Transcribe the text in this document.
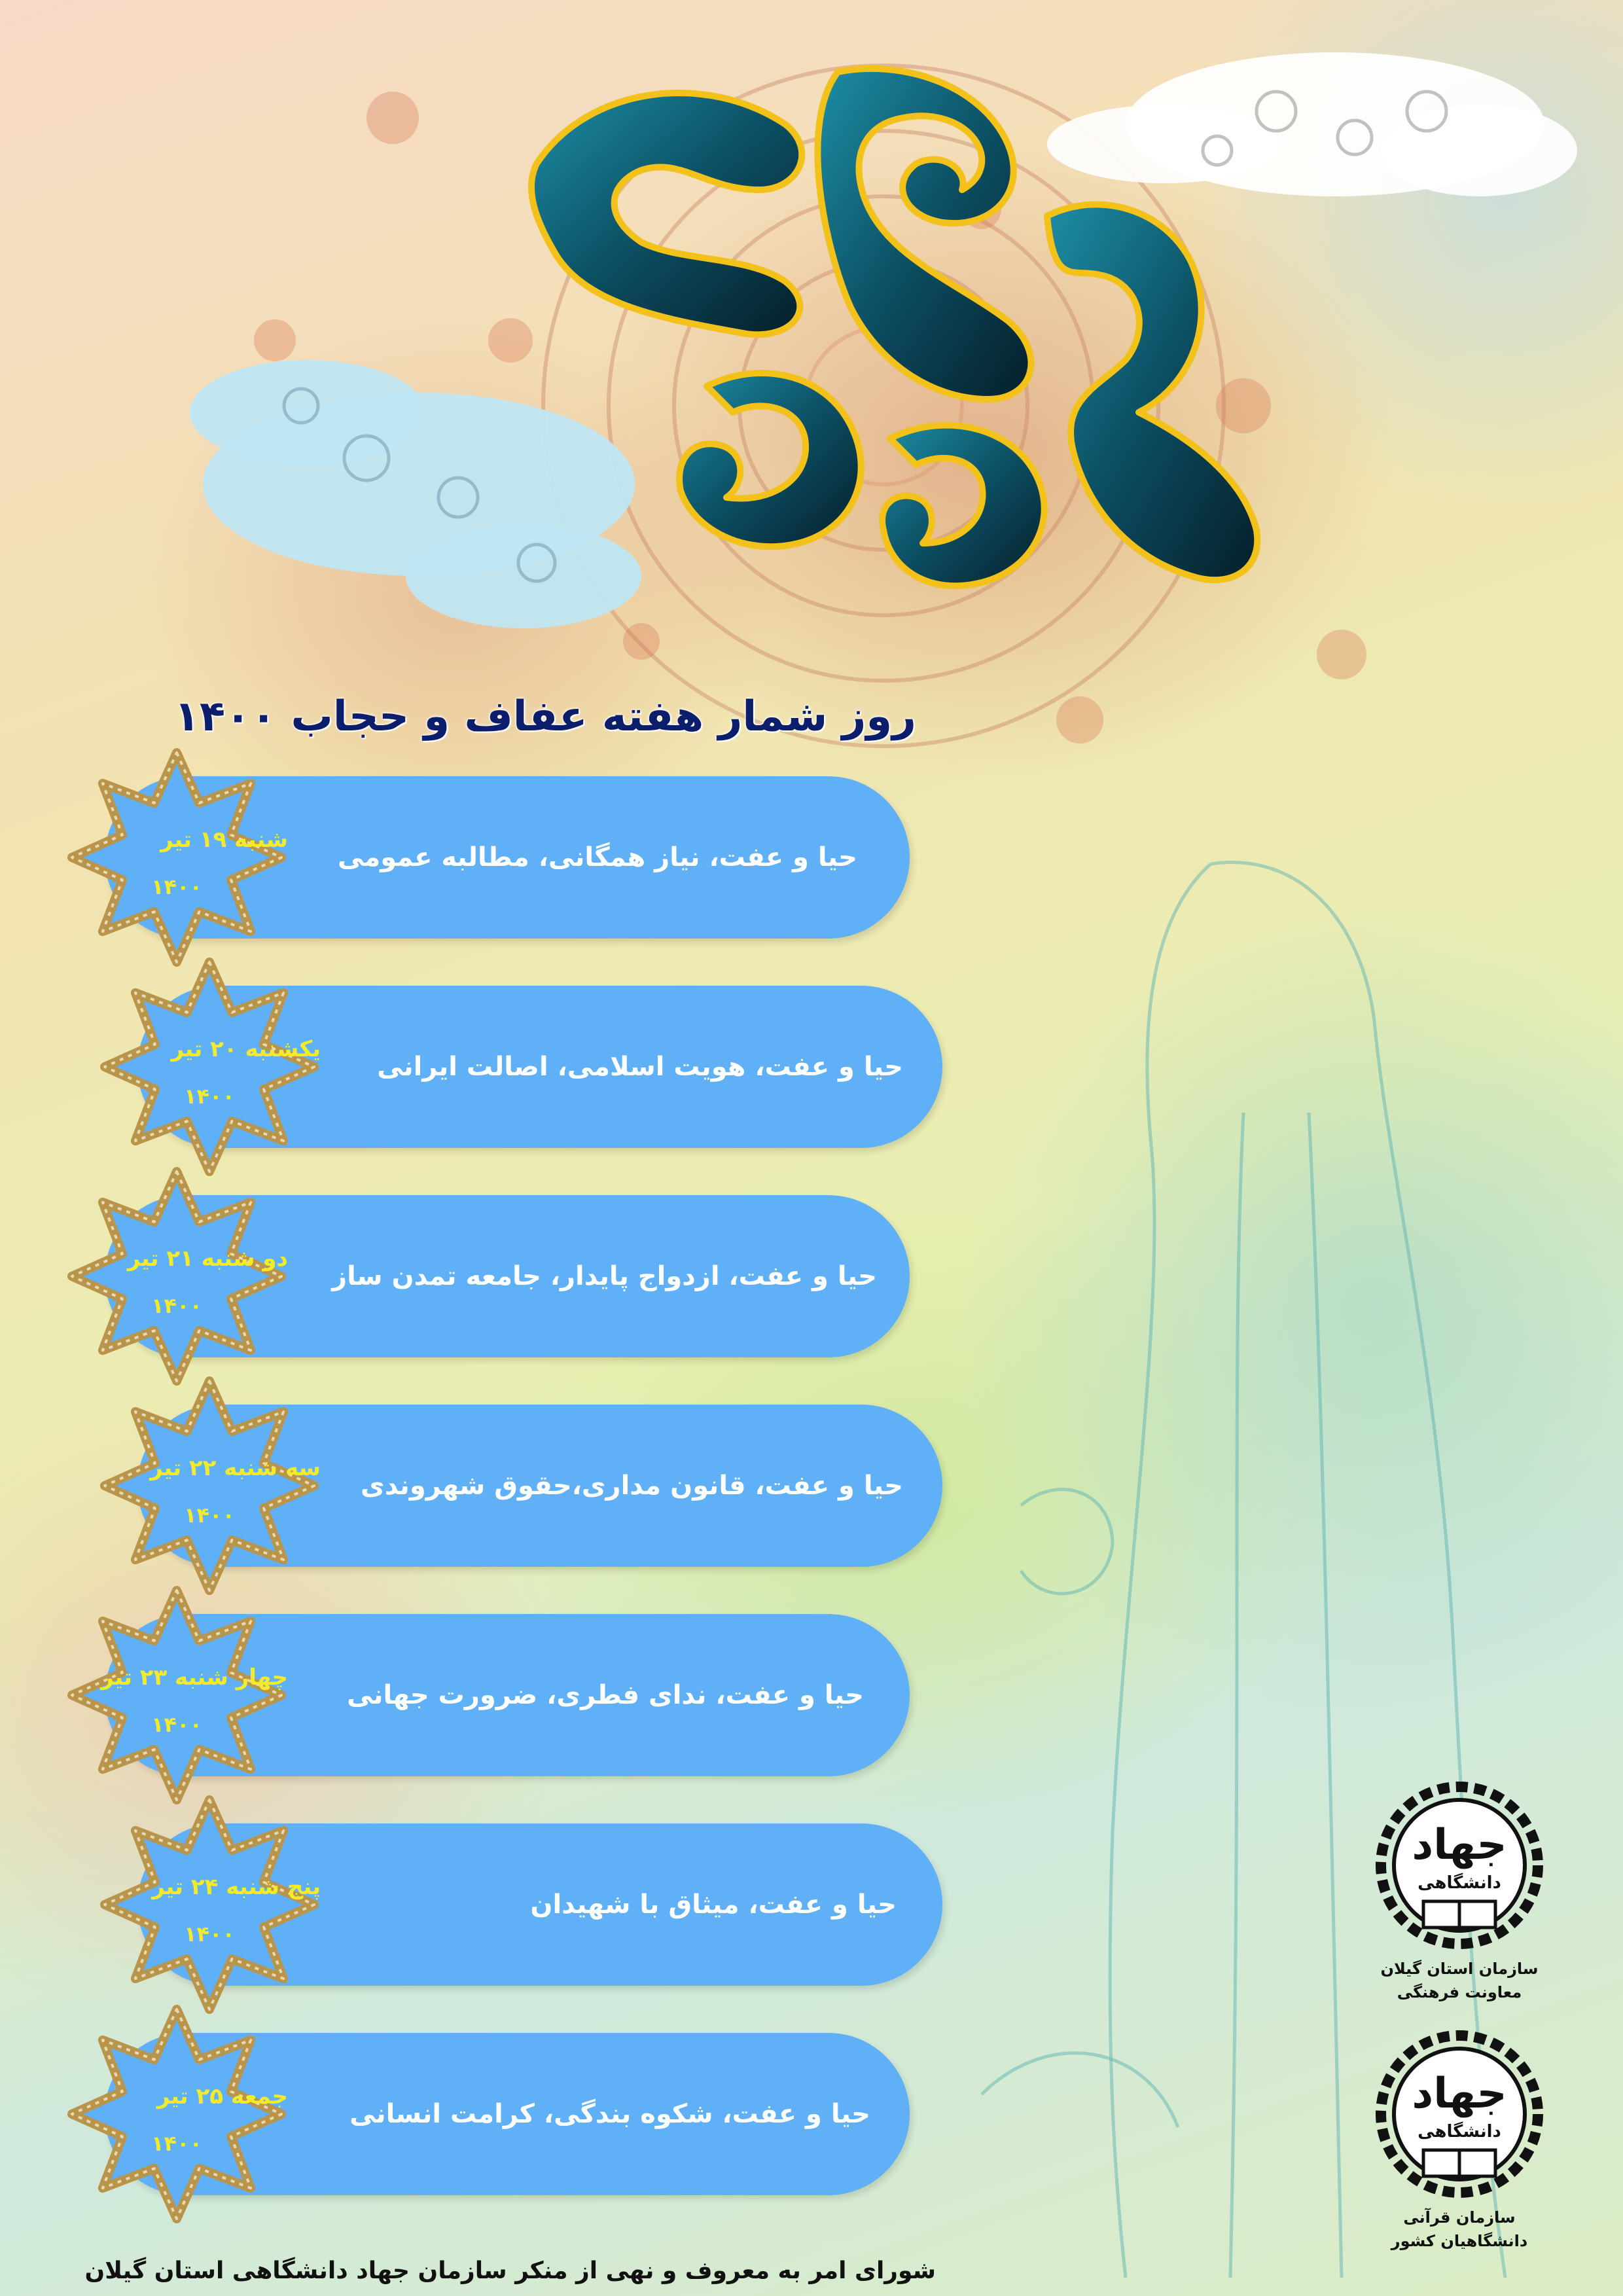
روز شمار هفته عفاف و حجاب ۱۴۰۰
حیا و عفت، نیاز همگانی، مطالبه عمومی
شنبه ۱۹ تیر
۱۴۰۰
حیا و عفت، هویت اسلامی، اصالت ایرانی
یکشنبه ۲۰ تیر
۱۴۰۰
حیا و عفت، ازدواج پایدار، جامعه تمدن ساز
دو شنبه ۲۱ تیر
۱۴۰۰
حیا و عفت، قانون مداری،حقوق شهروندی
سه شنبه ۲۲ تیر
۱۴۰۰
حیا و عفت، ندای فطری، ضرورت جهانی
چهار شنبه ۲۳ تیر
۱۴۰۰
حیا و عفت، میثاق با شهیدان
پنج شنبه ۲۴ تیر
۱۴۰۰
حیا و عفت، شکوه بندگی، کرامت انسانی
جمعه ۲۵ تیر
۱۴۰۰
جهاد
دانشگاهی
سازمان استان گیلان
معاونت فرهنگی
جهاد
دانشگاهی
سازمان قرآنی
دانشگاهیان کشور
شورای امر به معروف و نهی از منکر سازمان جهاد دانشگاهی استان گیلان
